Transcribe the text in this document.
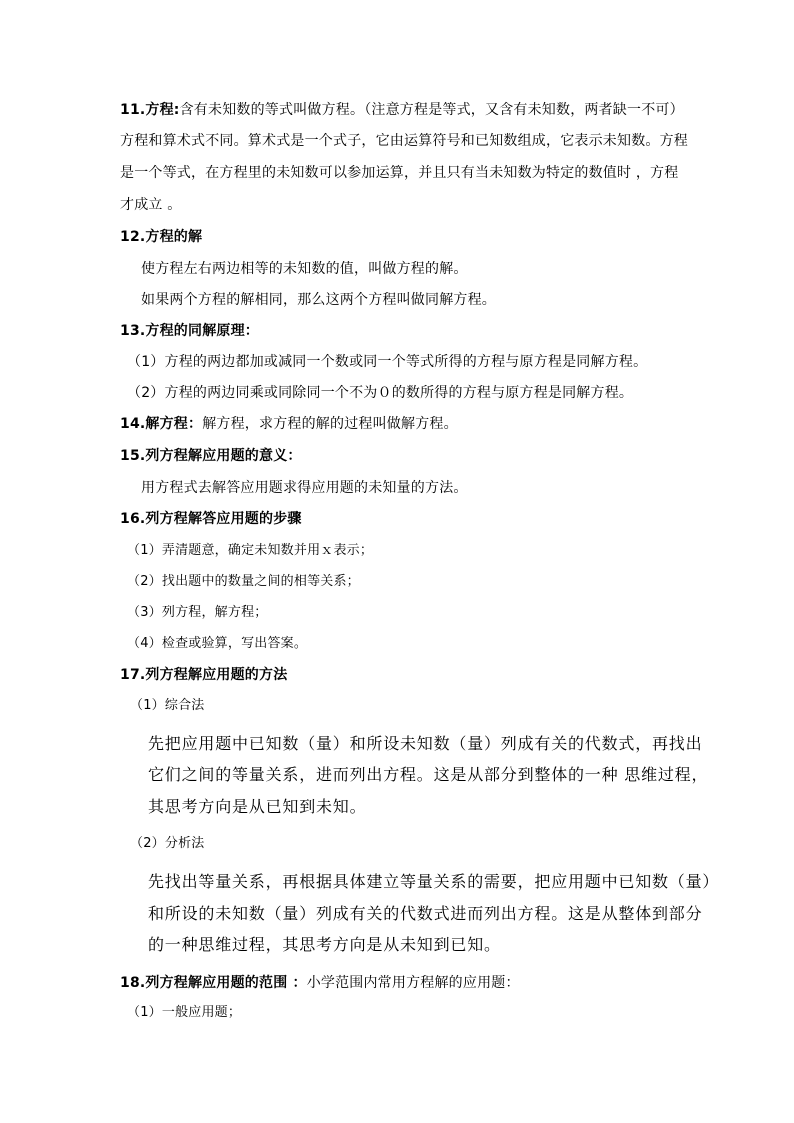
11.方程:含有未知数的等式叫做方程。（注意方程是等式，又含有未知数，两者缺一不可）
方程和算术式不同。算术式是一个式子，它由运算符号和已知数组成，它表示未知数。方程
是一个等式，在方程里的未知数可以参加运算，并且只有当未知数为特定的数值时 ，方程
才成立 。
12.方程的解
使方程左右两边相等的未知数的值，叫做方程的解。
如果两个方程的解相同，那么这两个方程叫做同解方程。
13.方程的同解原理：
（1）方程的两边都加或减同一个数或同一个等式所得的方程与原方程是同解方程。
（2）方程的两边同乘或同除同一个不为０的数所得的方程与原方程是同解方程。
14.解方程：解方程，求方程的解的过程叫做解方程。
15.列方程解应用题的意义：
用方程式去解答应用题求得应用题的未知量的方法。
16.列方程解答应用题的步骤
（1）弄清题意，确定未知数并用ｘ表示；
（2）找出题中的数量之间的相等关系；
（3）列方程，解方程；
（4）检查或验算，写出答案。
17.列方程解应用题的方法
（1）综合法
先把应用题中已知数（量）和所设未知数（量）列成有关的代数式，再找出
它们之间的等量关系，进而列出方程。这是从部分到整体的一种 思维过程，
其思考方向是从已知到未知。
（2）分析法
先找出等量关系，再根据具体建立等量关系的需要，把应用题中已知数（量）
和所设的未知数（量）列成有关的代数式进而列出方程。这是从整体到部分
的一种思维过程，其思考方向是从未知到已知。
18.列方程解应用题的范围 ：小学范围内常用方程解的应用题：
（1）一般应用题；
